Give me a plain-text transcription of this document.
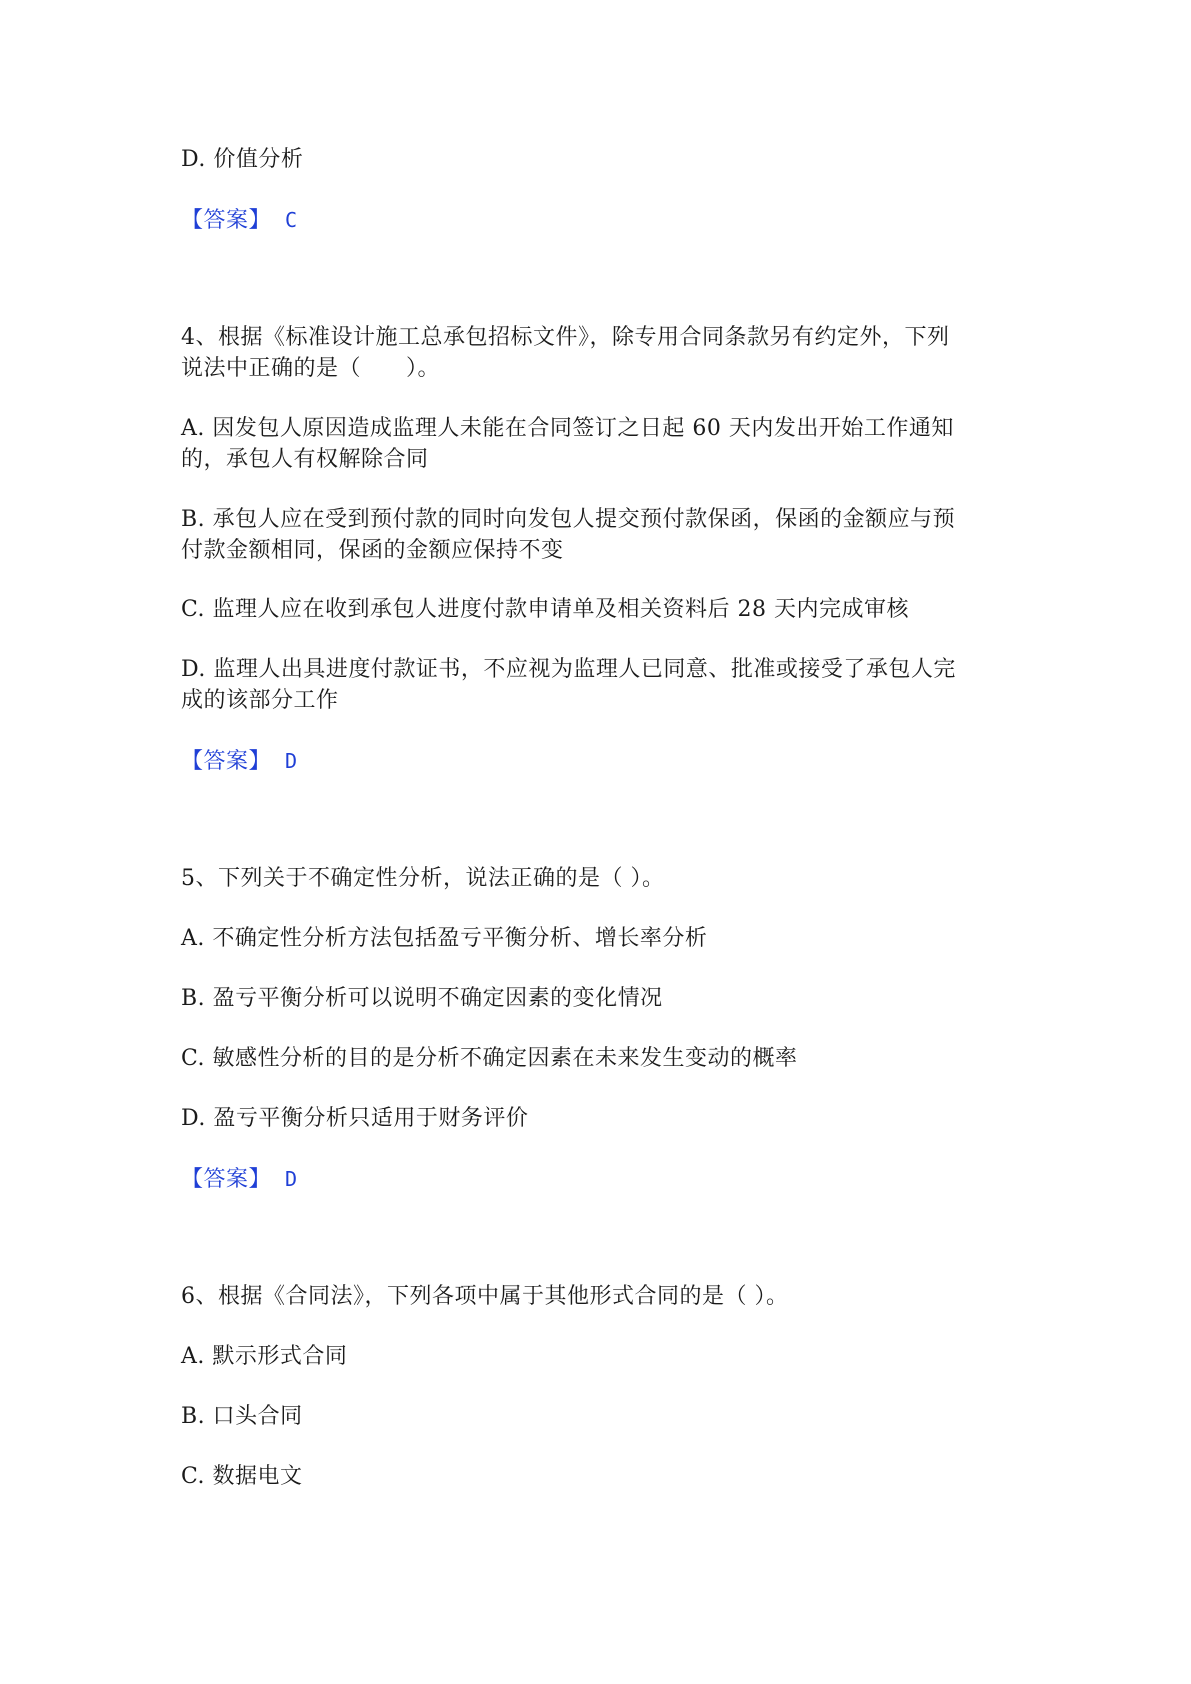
D. 价值分析
【答案】 C
4、根据《标准设计施工总承包招标文件》，除专用合同条款另有约定外，下列
说法中正确的是（　　）。
A. 因发包人原因造成监理人未能在合同签订之日起 60 天内发出开始工作通知
的，承包人有权解除合同
B. 承包人应在受到预付款的同时向发包人提交预付款保函，保函的金额应与预
付款金额相同，保函的金额应保持不变
C. 监理人应在收到承包人进度付款申请单及相关资料后 28 天内完成审核
D. 监理人出具进度付款证书，不应视为监理人已同意、批准或接受了承包人完
成的该部分工作
【答案】 D
5、下列关于不确定性分析，说法正确的是（ ）。
A. 不确定性分析方法包括盈亏平衡分析、增长率分析
B. 盈亏平衡分析可以说明不确定因素的变化情况
C. 敏感性分析的目的是分析不确定因素在未来发生变动的概率
D. 盈亏平衡分析只适用于财务评价
【答案】 D
6、根据《合同法》，下列各项中属于其他形式合同的是（ ）。
A. 默示形式合同
B. 口头合同
C. 数据电文
